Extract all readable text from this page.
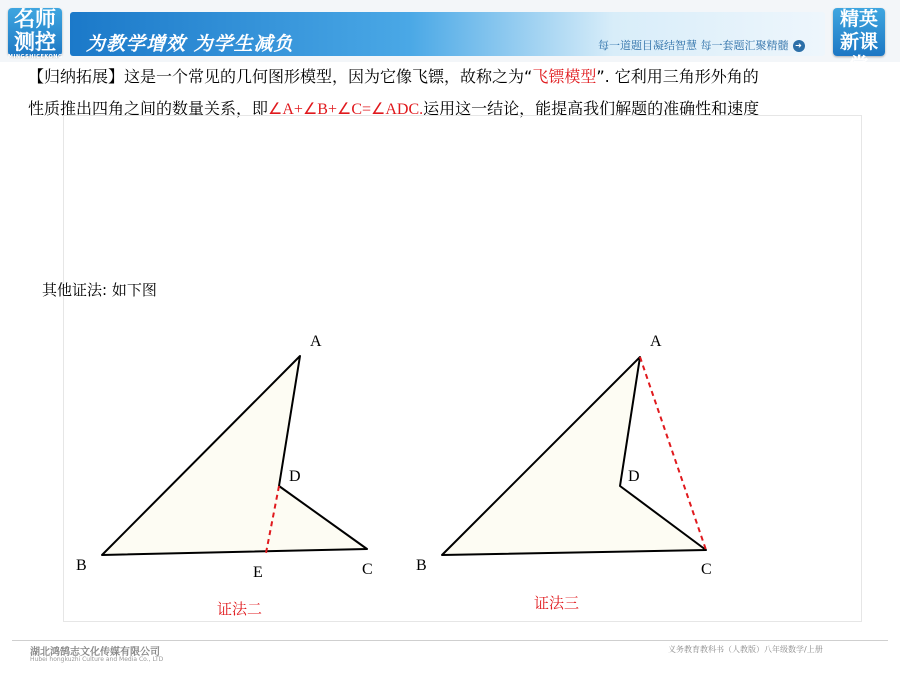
名师测控
MINGSHICEKONG
为教学增效 为学生减负	每一道题目凝结智慧 每一套题汇聚精髓 ➜
精英新课堂
【归纳拓展】这是一个常见的几何图形模型，因为它像飞镖，故称之为“飞镖模型”. 它利用三角形外角的
性质推出四角之间的数量关系，即∠A+∠B+∠C=∠ADC.运用这一结论，能提高我们解题的准确性和速度
其他证法: 如下图
A
B	C
D
E
证法二
A
B	C
D
证法三
湖北鸿鹄志文化传媒有限公司
Hubei hongkuzhi Culture and Media Co., LTD
义务教育教科书（人教版）八年级数学/上册
